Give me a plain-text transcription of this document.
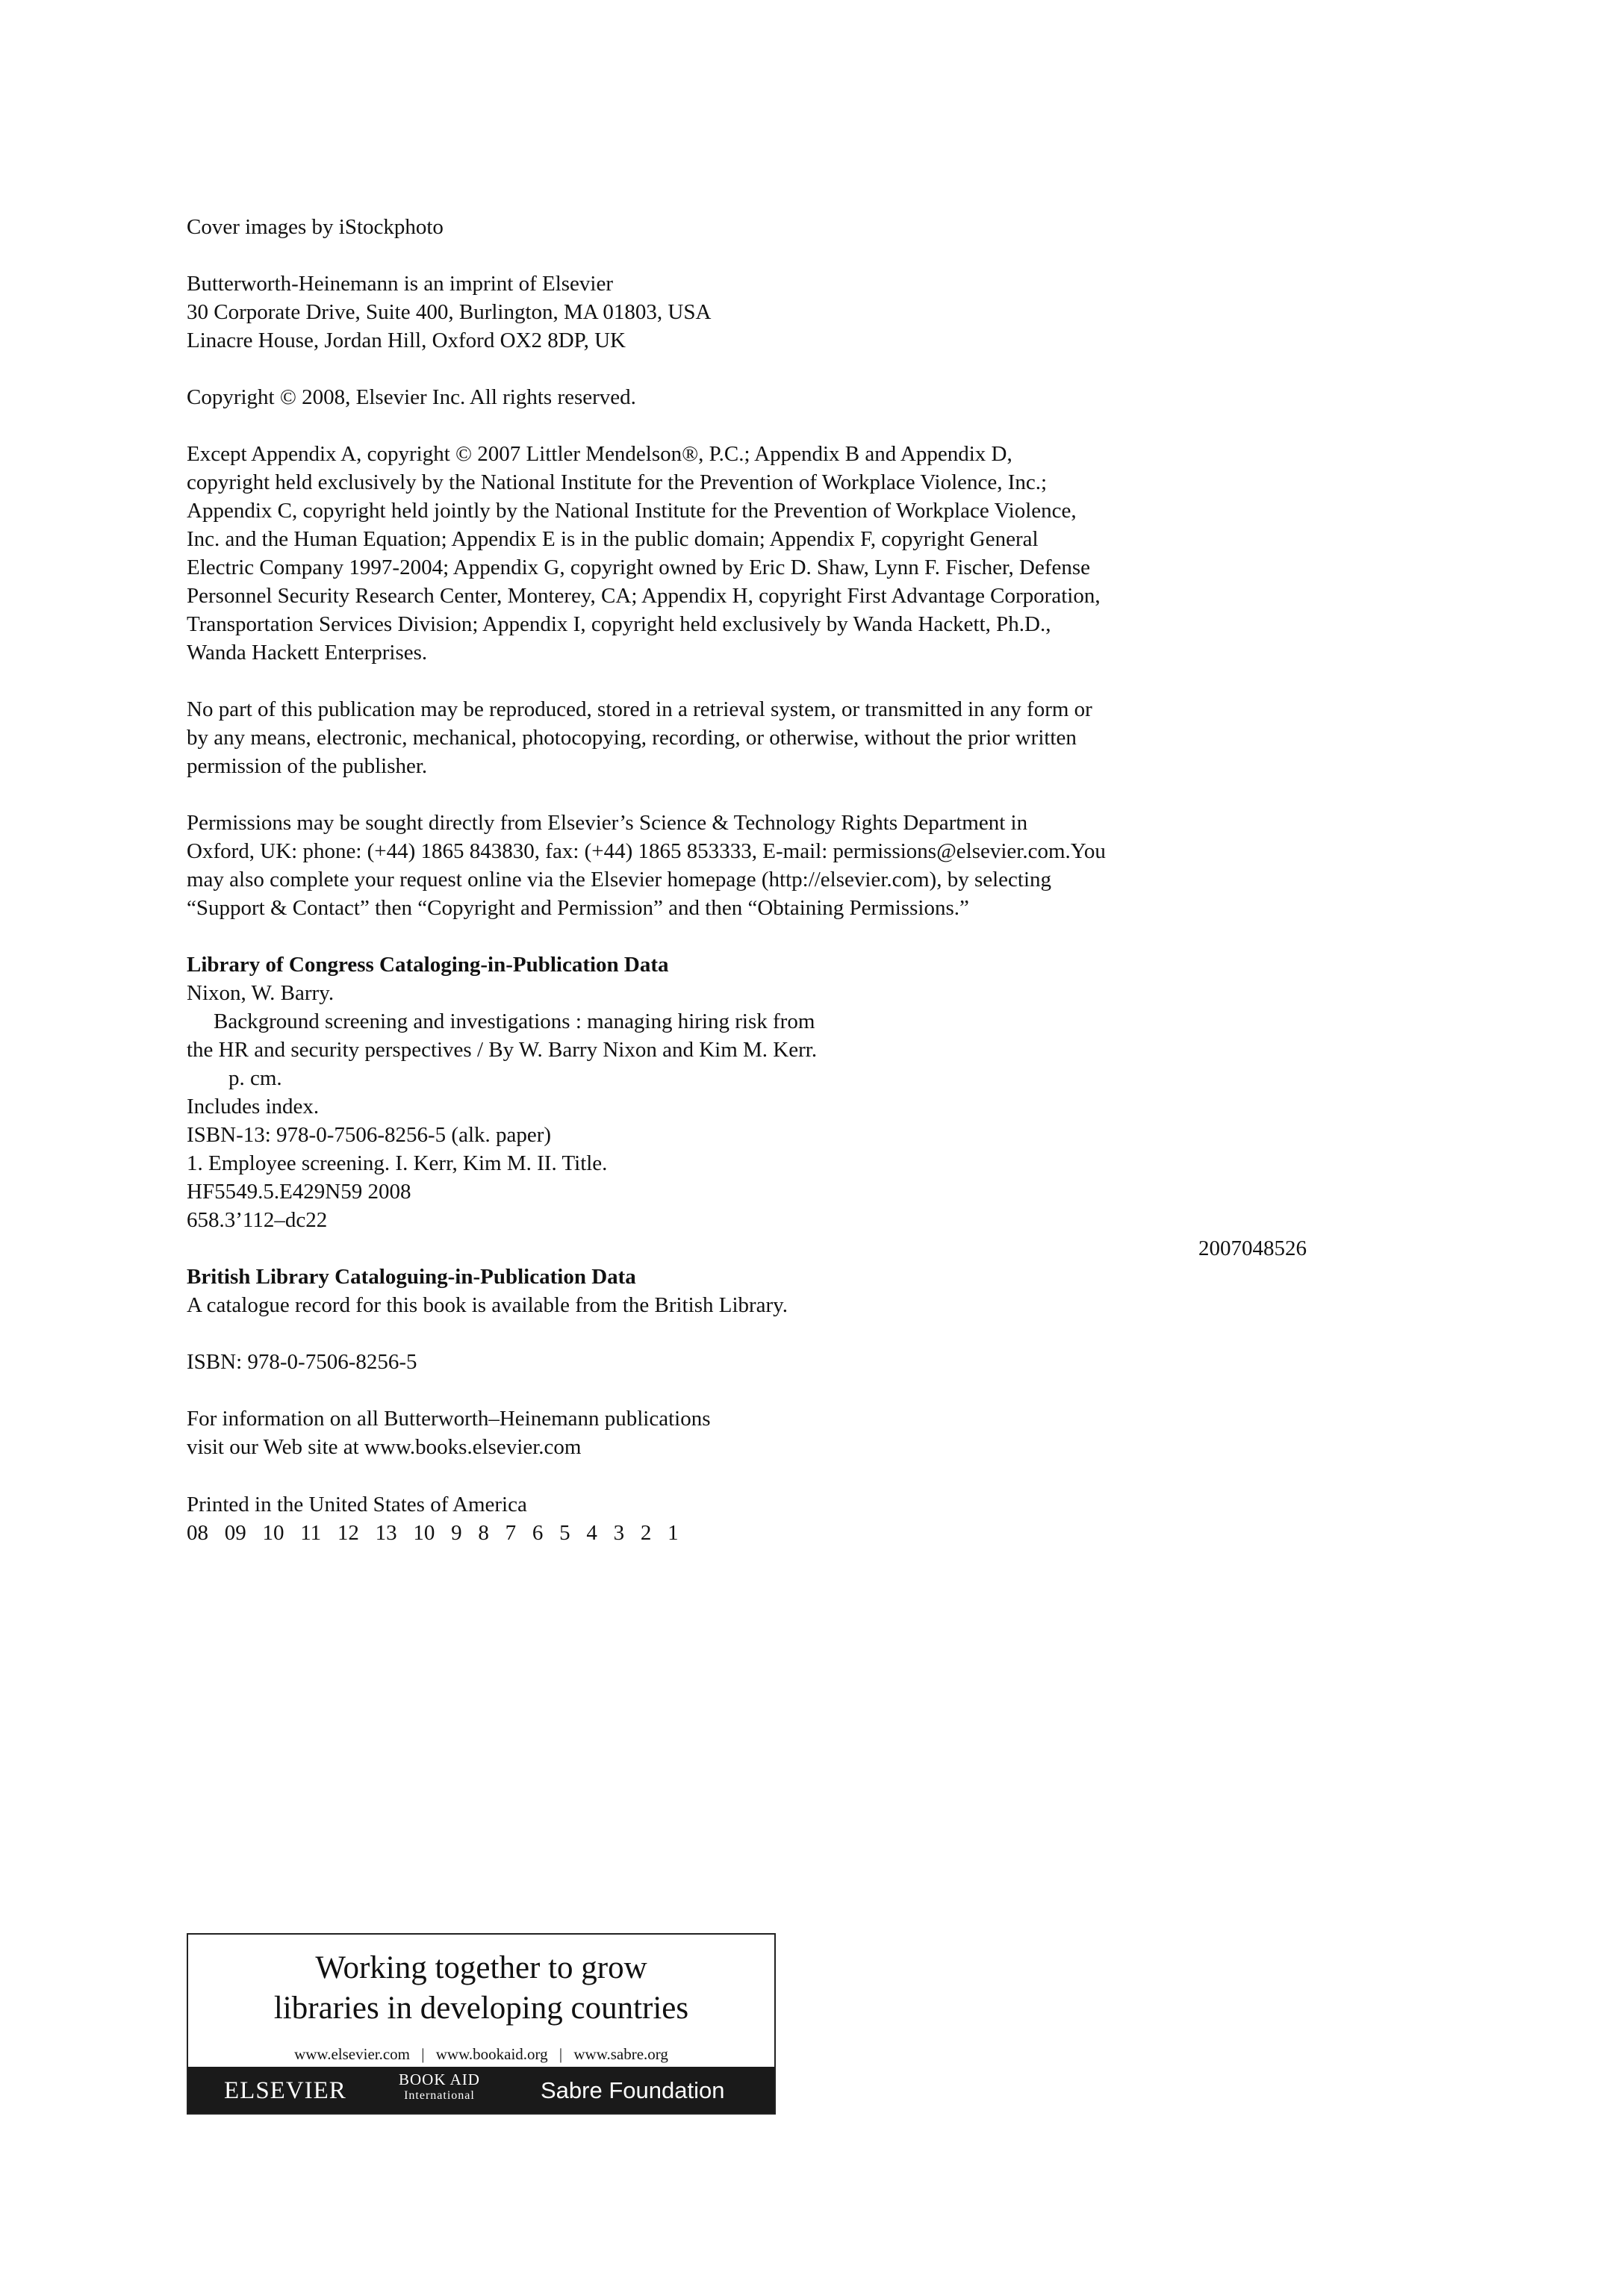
Cover images by iStockphoto
Butterworth-Heinemann is an imprint of Elsevier
30 Corporate Drive, Suite 400, Burlington, MA 01803, USA
Linacre House, Jordan Hill, Oxford OX2 8DP, UK
Copyright © 2008, Elsevier Inc. All rights reserved.
Except Appendix A, copyright © 2007 Littler Mendelson®, P.C.; Appendix B and Appendix D,
copyright held exclusively by the National Institute for the Prevention of Workplace Violence, Inc.;
Appendix C, copyright held jointly by the National Institute for the Prevention of Workplace Violence,
Inc. and the Human Equation; Appendix E is in the public domain; Appendix F, copyright General
Electric Company 1997-2004; Appendix G, copyright owned by Eric D. Shaw, Lynn F. Fischer, Defense
Personnel Security Research Center, Monterey, CA; Appendix H, copyright First Advantage Corporation,
Transportation Services Division; Appendix I, copyright held exclusively by Wanda Hackett, Ph.D.,
Wanda Hackett Enterprises.
No part of this publication may be reproduced, stored in a retrieval system, or transmitted in any form or
by any means, electronic, mechanical, photocopying, recording, or otherwise, without the prior written
permission of the publisher.
Permissions may be sought directly from Elsevier’s Science & Technology Rights Department in
Oxford, UK: phone: (+44) 1865 843830, fax: (+44) 1865 853333, E-mail: permissions@elsevier.com.You
may also complete your request online via the Elsevier homepage (http://elsevier.com), by selecting
“Support & Contact” then “Copyright and Permission” and then “Obtaining Permissions.”
Library of Congress Cataloging-in-Publication Data
Nixon, W. Barry.
Background screening and investigations : managing hiring risk from
the HR and security perspectives / By W. Barry Nixon and Kim M. Kerr.
p. cm.
Includes index.
ISBN-13: 978-0-7506-8256-5 (alk. paper)
1. Employee screening. I. Kerr, Kim M. II. Title.
HF5549.5.E429N59 2008
658.3’112–dc22
2007048526
British Library Cataloguing-in-Publication Data
A catalogue record for this book is available from the British Library.
ISBN: 978-0-7506-8256-5
For information on all Butterworth–Heinemann publications
visit our Web site at www.books.elsevier.com
Printed in the United States of America
08   09   10   11   12   13   10   9   8   7   6   5   4   3   2   1
Working together to grow
libraries in developing countries
www.elsevier.com | www.bookaid.org | www.sabre.org
ELSEVIER	BOOK AID
International	Sabre Foundation
